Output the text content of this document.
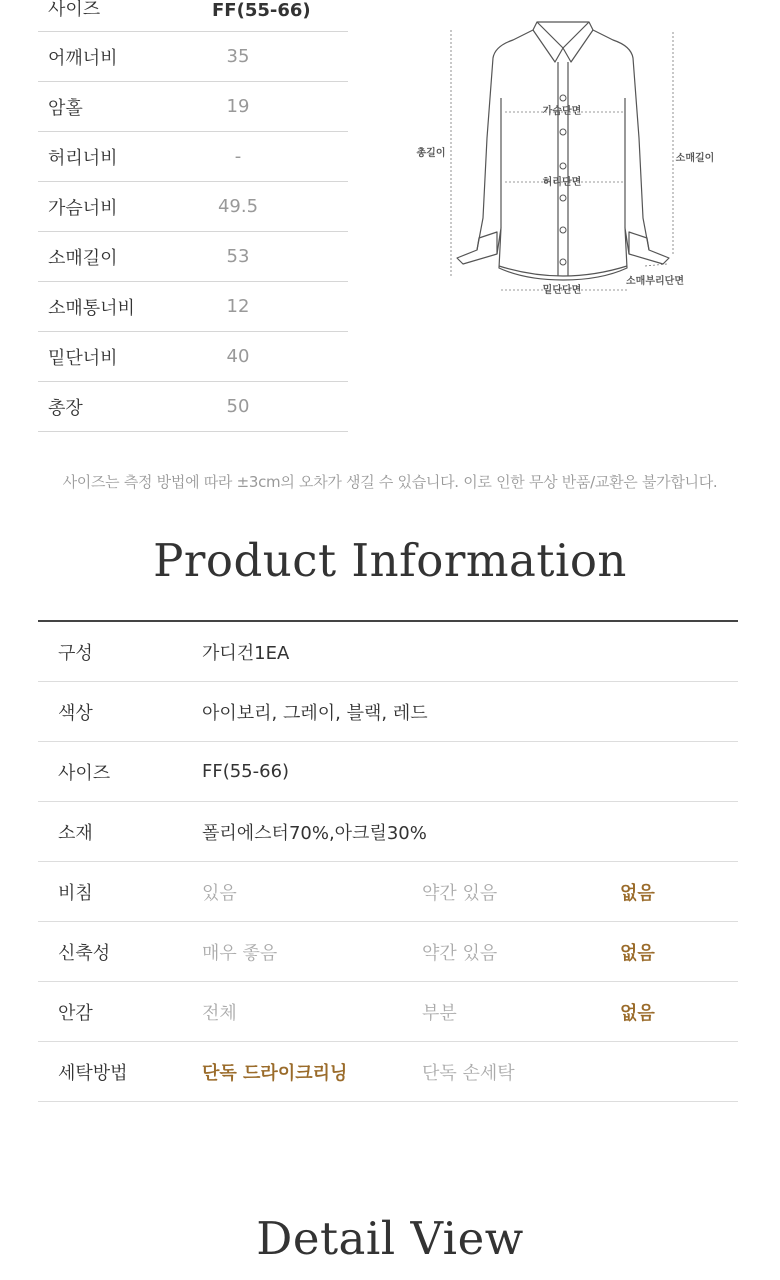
사이즈	FF(55-66)
어깨너비	35
암홀	19
허리너비	-
가슴너비	49.5
소매길이	53
소매통너비	12
밑단너비	40
총장	50
가슴단면
허리단면
총길이	소매길이
소매부리단면
밑단단면
사이즈는 측정 방법에 따라 ±3cm의 오차가 생길 수 있습니다. 이로 인한 무상 반품/교환은 불가합니다.
Product Information
구성	가디건1EA
색상	아이보리, 그레이, 블랙, 레드
사이즈	FF(55-66)
소재	폴리에스터70%,아크릴30%
비침	있음	약간 있음	없음
신축성	매우 좋음	약간 있음	없음
안감	전체	부분	없음
세탁방법	단독 드라이크리닝	단독 손세탁
Detail View
